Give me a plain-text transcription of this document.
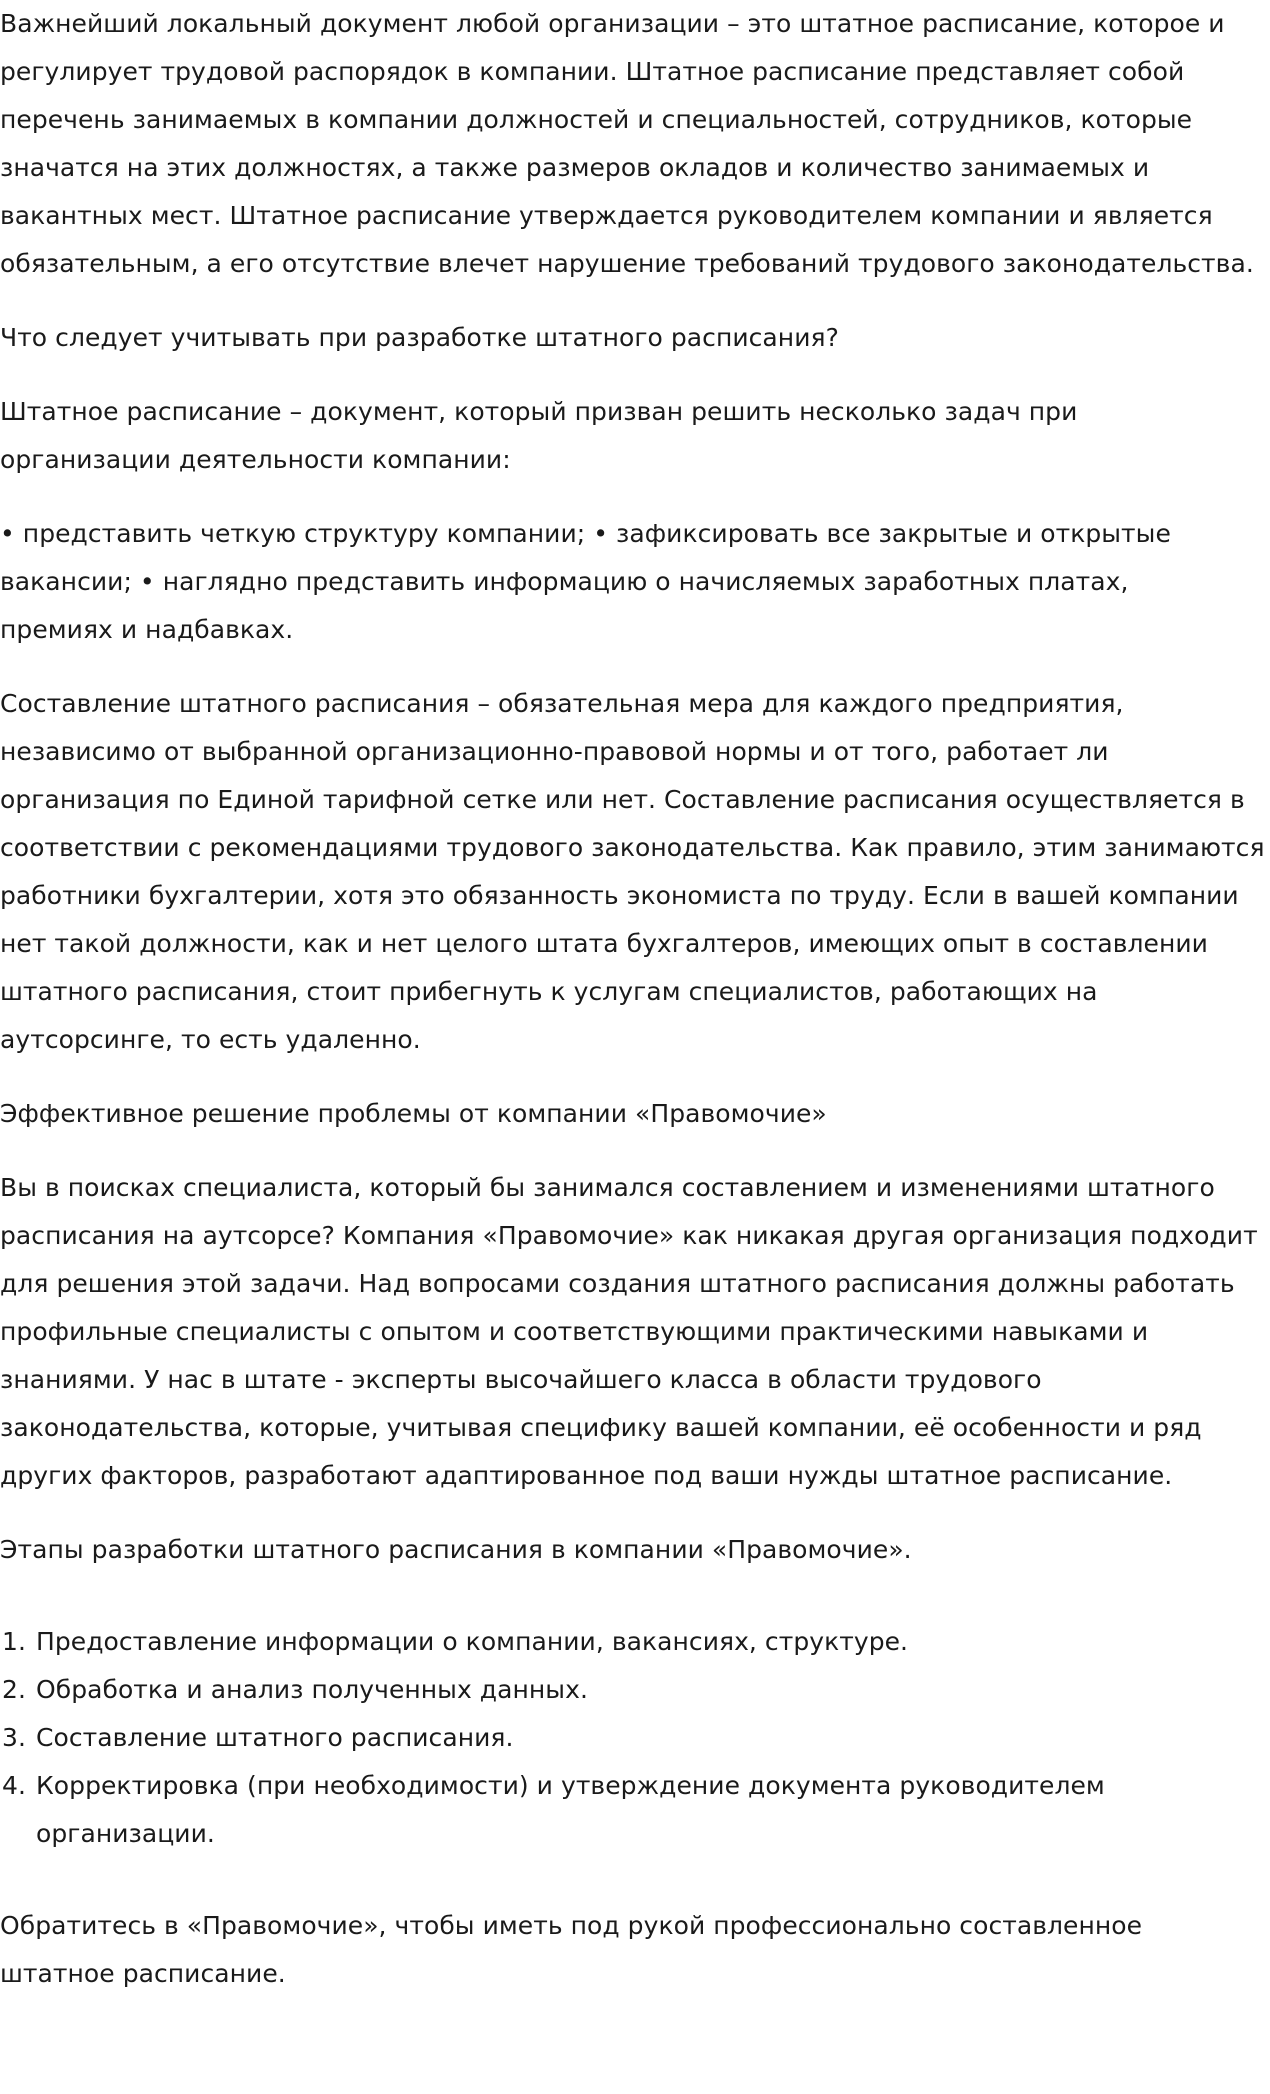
Важнейший локальный документ любой организации – это штатное расписание, которое и регулирует трудовой распорядок в компании. Штатное расписание представляет собой перечень занимаемых в компании должностей и специальностей, сотрудников, которые значатся на этих должностях, а также размеров окладов и количество занимаемых и вакантных мест. Штатное расписание утверждается руководителем компании и является обязательным, а его отсутствие влечет нарушение требований трудового законодательства.

Что следует учитывать при разработке штатного расписания?

Штатное расписание – документ, который призван решить несколько задач при организации деятельности компании:

• представить четкую структуру компании; • зафиксировать все закрытые и открытые вакансии; • наглядно представить информацию о начисляемых заработных платах, премиях и надбавках.

Составление штатного расписания – обязательная мера для каждого предприятия, независимо от выбранной организационно-правовой нормы и от того, работает ли организация по Единой тарифной сетке или нет. Составление расписания осуществляется в соответствии с рекомендациями трудового законодательства. Как правило, этим занимаются работники бухгалтерии, хотя это обязанность экономиста по труду. Если в вашей компании нет такой должности, как и нет целого штата бухгалтеров, имеющих опыт в составлении штатного расписания, стоит прибегнуть к услугам специалистов, работающих на аутсорсинге, то есть удаленно.

Эффективное решение проблемы от компании «Правомочие»

Вы в поисках специалиста, который бы занимался составлением и изменениями штатного расписания на аутсорсе? Компания «Правомочие» как никакая другая организация подходит для решения этой задачи. Над вопросами создания штатного расписания должны работать профильные специалисты с опытом и соответствующими практическими навыками и знаниями. У нас в штате - эксперты высочайшего класса в области трудового законодательства, которые, учитывая специфику вашей компании, её особенности и ряд других факторов, разработают адаптированное под ваши нужды штатное расписание.

Этапы разработки штатного расписания в компании «Правомочие».

1. Предоставление информации о компании, вакансиях, структуре.
2. Обработка и анализ полученных данных.
3. Составление штатного расписания.
4. Корректировка (при необходимости) и утверждение документа руководителем организации.

Обратитесь в «Правомочие», чтобы иметь под рукой профессионально составленное штатное расписание.
